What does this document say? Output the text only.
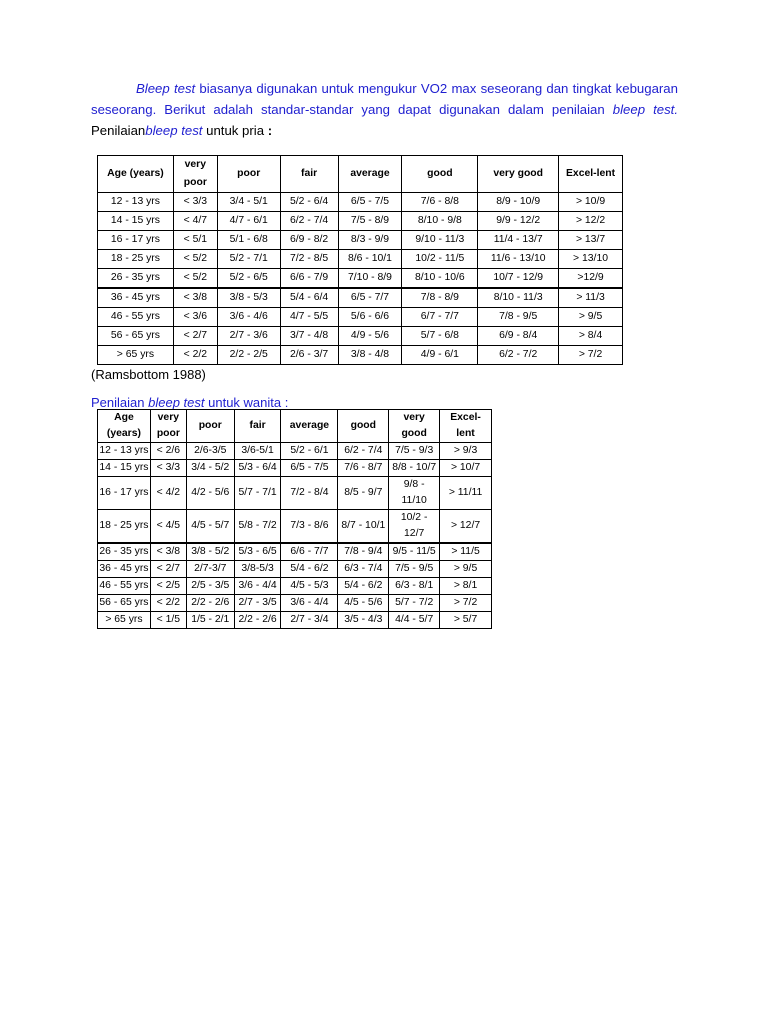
Bleep test biasanya digunakan untuk mengukur VO2 max seseorang dan tingkat kebugaran seseorang. Berikut adalah standar-standar yang dapat digunakan dalam penilaian bleep test. Penilaianbleep test untuk pria :
Age (years)	very poor	poor	fair	average	good	very good	Excel-lent
12 - 13 yrs	< 3/3	3/4 - 5/1	5/2 - 6/4	6/5 - 7/5	7/6 - 8/8	8/9 - 10/9	> 10/9
14 - 15 yrs	< 4/7	4/7 - 6/1	6/2 - 7/4	7/5 - 8/9	8/10 - 9/8	9/9 - 12/2	> 12/2
16 - 17 yrs	< 5/1	5/1 - 6/8	6/9 - 8/2	8/3 - 9/9	9/10 - 11/3	11/4 - 13/7	> 13/7
18 - 25 yrs	< 5/2	5/2 - 7/1	7/2 - 8/5	8/6 - 10/1	10/2 - 11/5	11/6 - 13/10	> 13/10
26 - 35 yrs	< 5/2	5/2 - 6/5	6/6 - 7/9	7/10 - 8/9	8/10 - 10/6	10/7 - 12/9	>12/9
36 - 45 yrs	< 3/8	3/8 - 5/3	5/4 - 6/4	6/5 - 7/7	7/8 - 8/9	8/10 - 11/3	> 11/3
46 - 55 yrs	< 3/6	3/6 - 4/6	4/7 - 5/5	5/6 - 6/6	6/7 - 7/7	7/8 - 9/5	> 9/5
56 - 65 yrs	< 2/7	2/7 - 3/6	3/7 - 4/8	4/9 - 5/6	5/7 - 6/8	6/9 - 8/4	> 8/4
> 65 yrs	< 2/2	2/2 - 2/5	2/6 - 3/7	3/8 - 4/8	4/9 - 6/1	6/2 - 7/2	> 7/2
(Ramsbottom 1988)
Penilaian bleep test untuk wanita :
Age (years)	very poor	poor	fair	average	good	very good	Excel-lent
12 - 13 yrs	< 2/6	2/6-3/5	3/6-5/1	5/2 - 6/1	6/2 - 7/4	7/5 - 9/3	> 9/3
14 - 15 yrs	< 3/3	3/4 - 5/2	5/3 - 6/4	6/5 - 7/5	7/6 - 8/7	8/8 - 10/7	> 10/7
16 - 17 yrs	< 4/2	4/2 - 5/6	5/7 - 7/1	7/2 - 8/4	8/5 - 9/7	9/8 - 11/10	> 11/11
18 - 25 yrs	< 4/5	4/5 - 5/7	5/8 - 7/2	7/3 - 8/6	8/7 - 10/1	10/2 - 12/7	> 12/7
26 - 35 yrs	< 3/8	3/8 - 5/2	5/3 - 6/5	6/6 - 7/7	7/8 - 9/4	9/5 - 11/5	> 11/5
36 - 45 yrs	< 2/7	2/7-3/7	3/8-5/3	5/4 - 6/2	6/3 - 7/4	7/5 - 9/5	> 9/5
46 - 55 yrs	< 2/5	2/5 - 3/5	3/6 - 4/4	4/5 - 5/3	5/4 - 6/2	6/3 - 8/1	> 8/1
56 - 65 yrs	< 2/2	2/2 - 2/6	2/7 - 3/5	3/6 - 4/4	4/5 - 5/6	5/7 - 7/2	> 7/2
> 65 yrs	< 1/5	1/5 - 2/1	2/2 - 2/6	2/7 - 3/4	3/5 - 4/3	4/4 - 5/7	> 5/7
